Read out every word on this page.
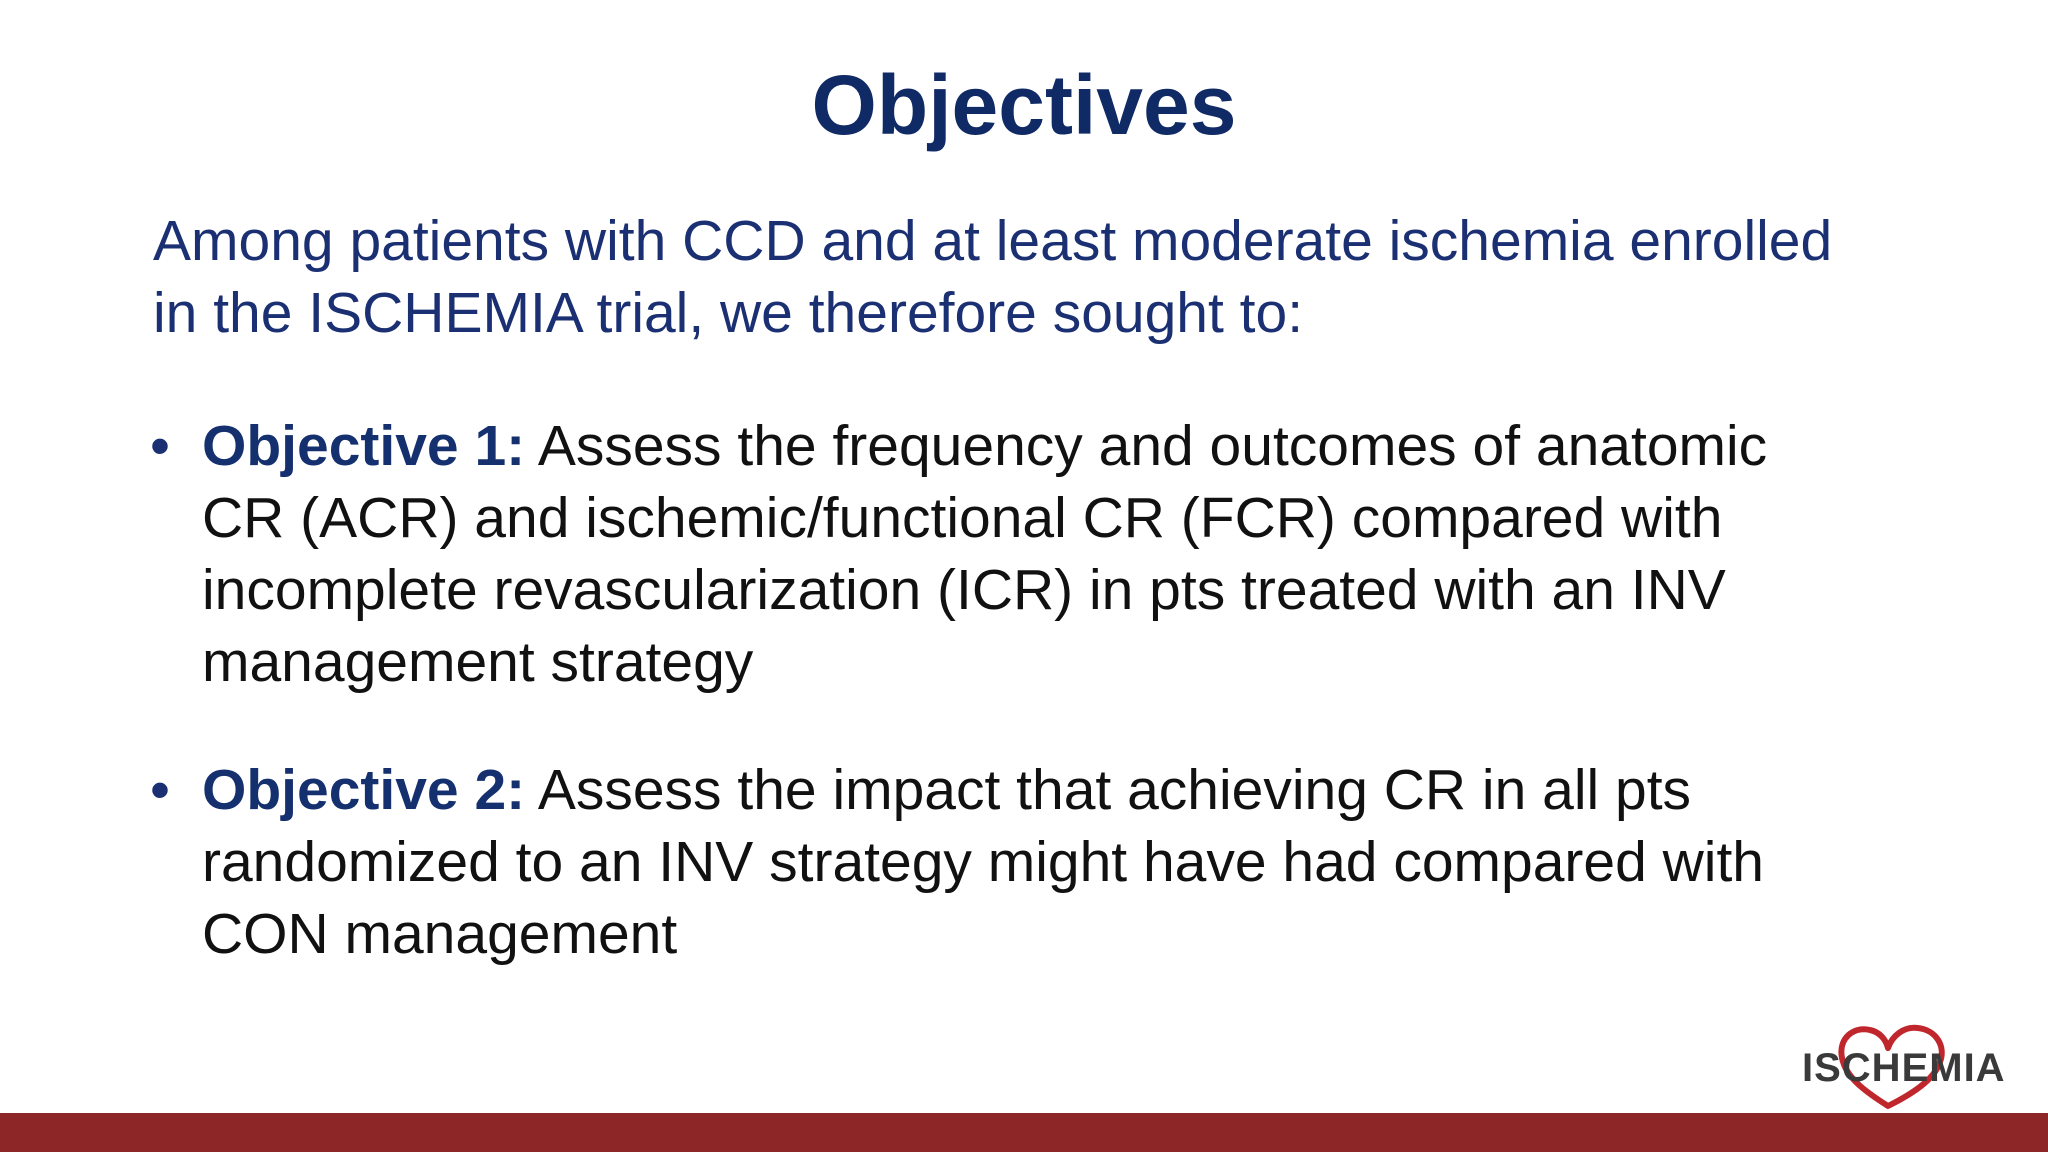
Objectives
Among patients with CCD and at least moderate ischemia enrolled
in the ISCHEMIA trial, we therefore sought to:
• Objective 1: Assess the frequency and outcomes of anatomic
CR (ACR) and ischemic/functional CR (FCR) compared with
incomplete revascularization (ICR) in pts treated with an INV
management strategy
• Objective 2: Assess the impact that achieving CR in all pts
randomized to an INV strategy might have had compared with
CON management
ISCHEMIA
